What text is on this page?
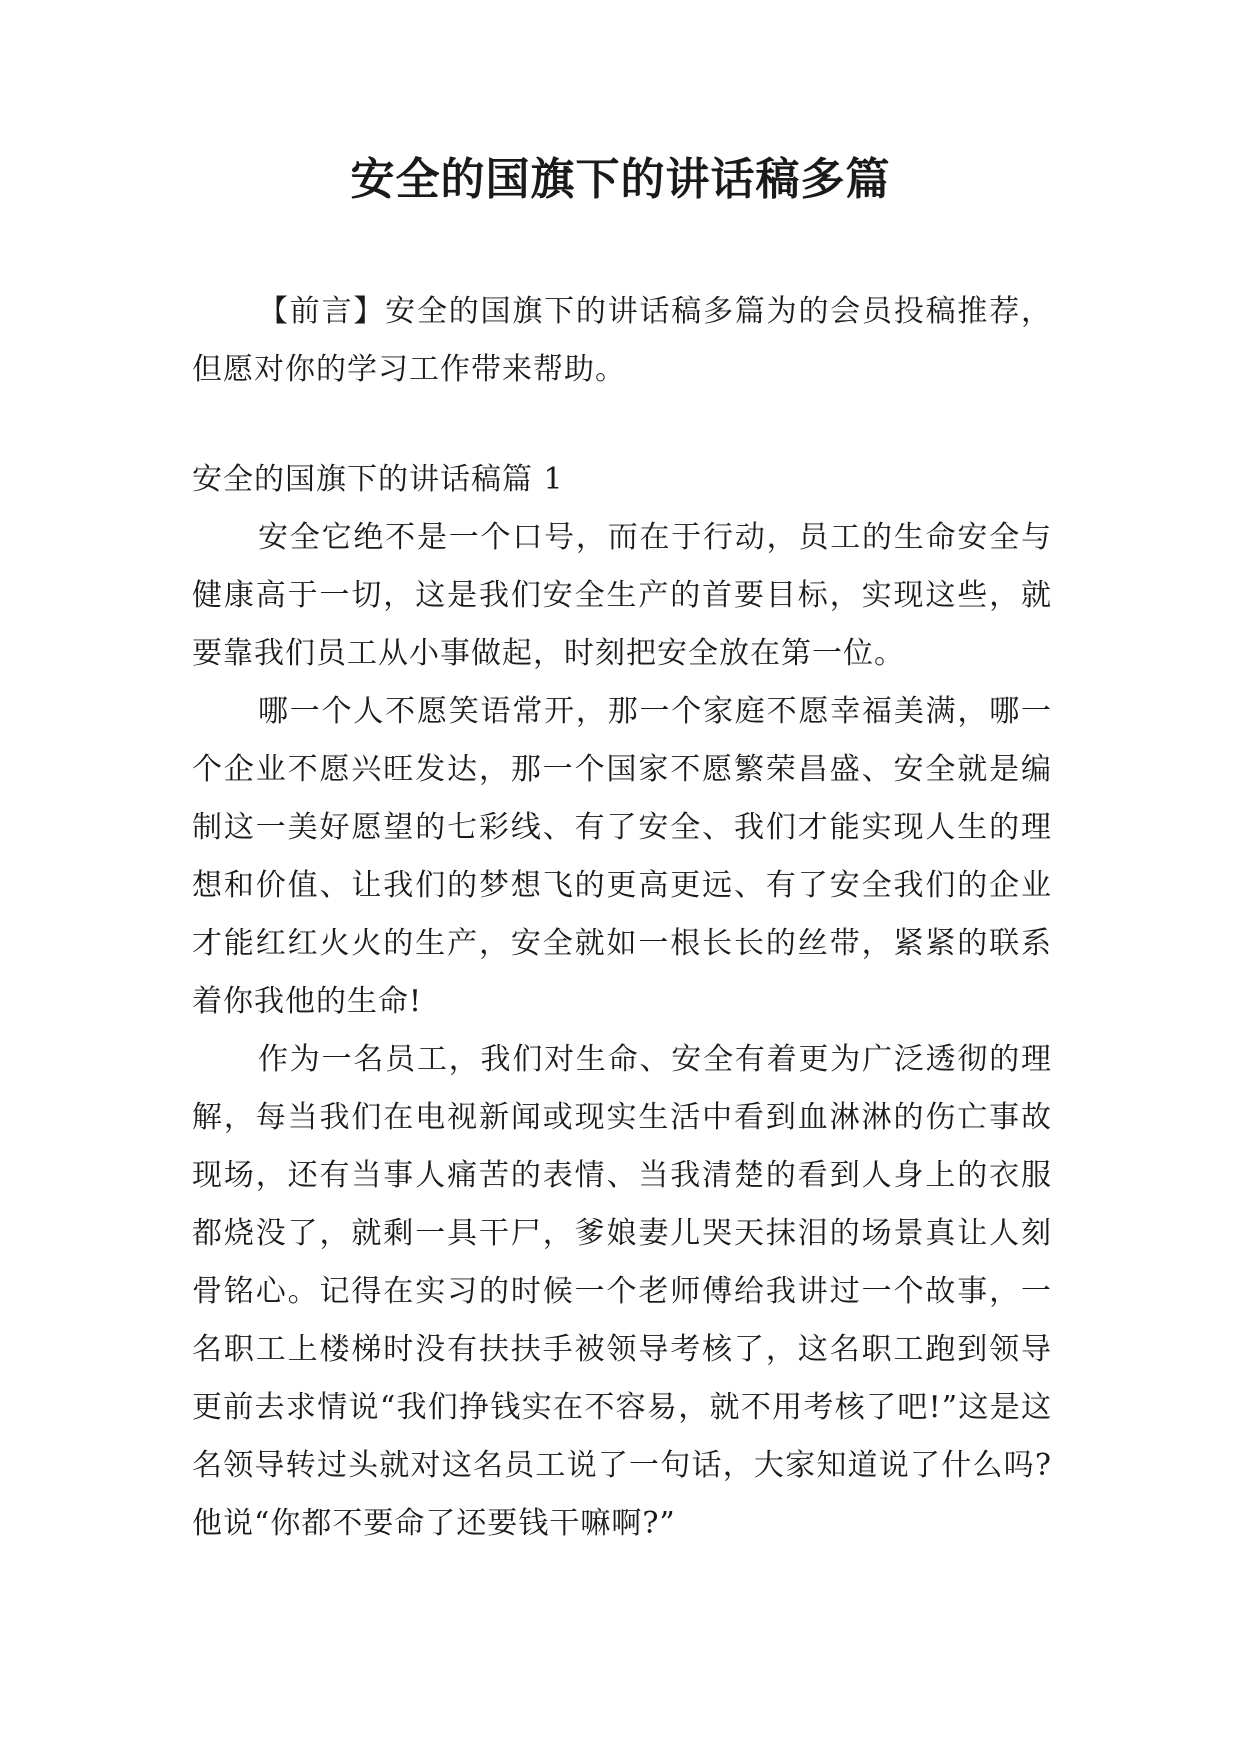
安全的国旗下的讲话稿多篇

【前言】安全的国旗下的讲话稿多篇为的会员投稿推荐，但愿对你的学习工作带来帮助。

安全的国旗下的讲话稿篇 1

安全它绝不是一个口号，而在于行动，员工的生命安全与健康高于一切，这是我们安全生产的首要目标，实现这些，就要靠我们员工从小事做起，时刻把安全放在第一位。

哪一个人不愿笑语常开，那一个家庭不愿幸福美满，哪一个企业不愿兴旺发达，那一个国家不愿繁荣昌盛、安全就是编制这一美好愿望的七彩线、有了安全、我们才能实现人生的理想和价值、让我们的梦想飞的更高更远、有了安全我们的企业才能红红火火的生产，安全就如一根长长的丝带，紧紧的联系着你我他的生命!

作为一名员工，我们对生命、安全有着更为广泛透彻的理解，每当我们在电视新闻或现实生活中看到血淋淋的伤亡事故现场，还有当事人痛苦的表情、当我清楚的看到人身上的衣服都烧没了，就剩一具干尸，爹娘妻儿哭天抹泪的场景真让人刻骨铭心。记得在实习的时候一个老师傅给我讲过一个故事，一名职工上楼梯时没有扶扶手被领导考核了，这名职工跑到领导更前去求情说“我们挣钱实在不容易，就不用考核了吧!”这是这名领导转过头就对这名员工说了一句话，大家知道说了什么吗?他说“你都不要命了还要钱干嘛啊?”
